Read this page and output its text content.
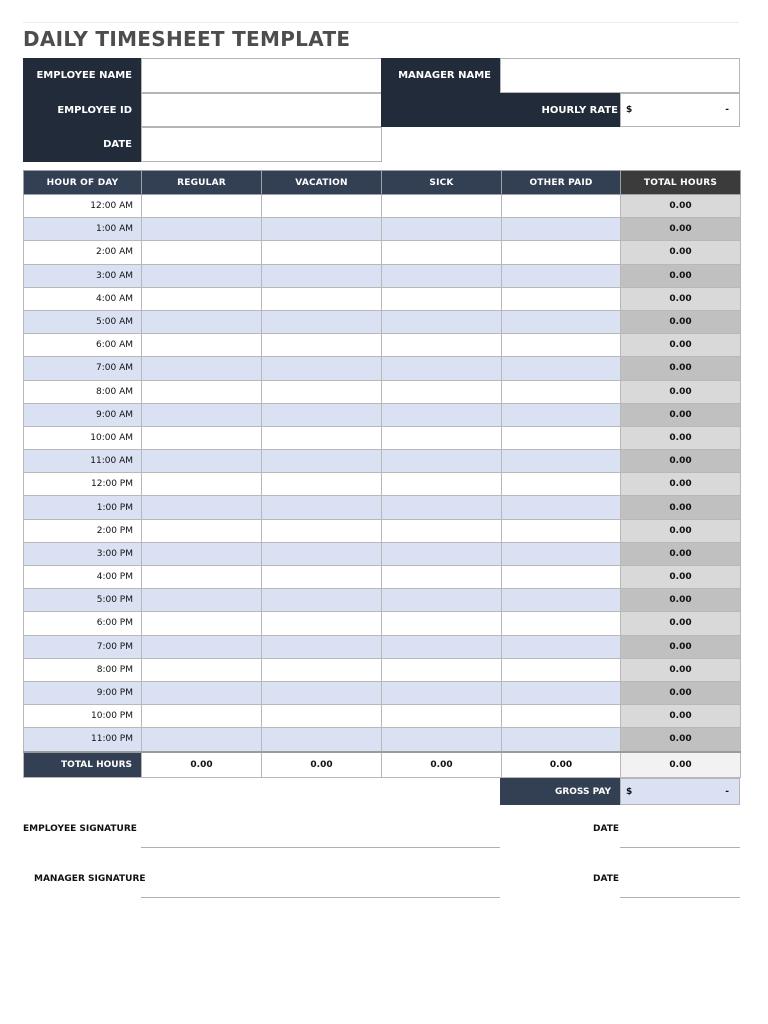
DAILY TIMESHEET TEMPLATE
EMPLOYEE NAME	MANAGER NAME
EMPLOYEE ID	HOURLY RATE $	-
DATE
HOUR OF DAY	REGULAR	VACATION	SICK	OTHER PAID	TOTAL HOURS
12:00 AM					0.00
1:00 AM					0.00
2:00 AM					0.00
3:00 AM					0.00
4:00 AM					0.00
5:00 AM					0.00
6:00 AM					0.00
7:00 AM					0.00
8:00 AM					0.00
9:00 AM					0.00
10:00 AM					0.00
11:00 AM					0.00
12:00 PM					0.00
1:00 PM					0.00
2:00 PM					0.00
3:00 PM					0.00
4:00 PM					0.00
5:00 PM					0.00
6:00 PM					0.00
7:00 PM					0.00
8:00 PM					0.00
9:00 PM					0.00
10:00 PM					0.00
11:00 PM					0.00
TOTAL HOURS	0.00	0.00	0.00	0.00	0.00
GROSS PAY	$	-
EMPLOYEE SIGNATURE	DATE
MANAGER SIGNATURE	DATE
